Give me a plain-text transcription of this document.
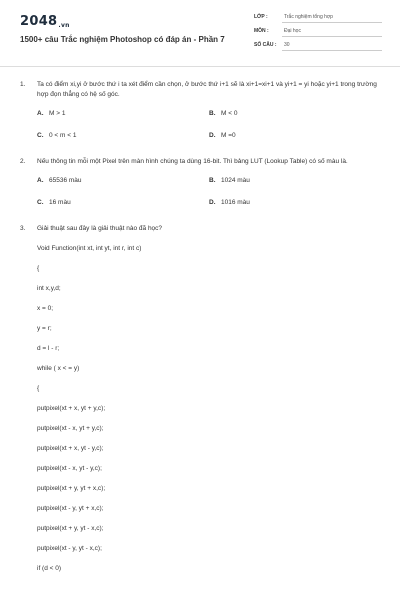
2048.vn
1500+ câu Trắc nghiệm Photoshop có đáp án - Phần 7
LỚP :	Trắc nghiệm tổng hợp
MÔN :	Đại học
SỐ CÂU :	30
1. Ta có điểm xi,yi ở bước thứ i ta xét điểm cần chọn, ở bước thứ i+1 sẽ là xi+1=xi+1 và yi+1 = yi hoặc yi+1 trong trường hợp đọn thẳng có hệ số góc.
A. M > 1	B. M < 0
C. 0 < m < 1	D. M =0
2. Nếu thông tin mỗi một Pixel trên màn hình chúng ta dùng 16-bit. Thì bảng LUT (Lookup Table) có số màu là.
A. 65536 màu	B. 1024 màu
C. 16 màu	D. 1016 màu
3. Giải thuật sau đây là giải thuật nào đã học?
Void Function(int xt, int yt, int r, int c)
{
int x,y,d;
x = 0;
y = r;
d = l - r;
while ( x < = y)
{
putpixel(xt + x, yt + y,c);
putpixel(xt - x, yt + y,c);
putpixel(xt + x, yt - y,c);
putpixel(xt - x, yt - y,c);
putpixel(xt + y, yt + x,c);
putpixel(xt - y, yt + x,c);
putpixel(xt + y, yt - x,c);
putpixel(xt - y, yt - x,c);
if (d < 0)
